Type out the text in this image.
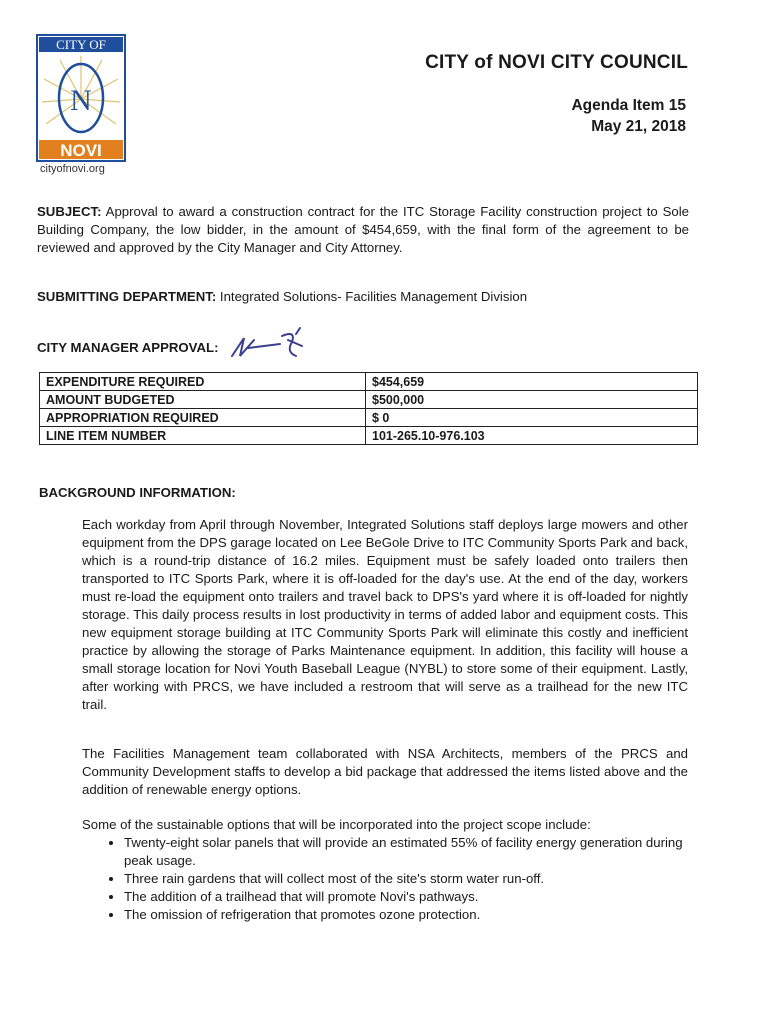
CITY OF
N
NOVI
cityofnovi.org
CITY of NOVI CITY COUNCIL
Agenda Item 15
May 21, 2018
SUBJECT: Approval to award a construction contract for the ITC Storage Facility construction project to Sole Building Company, the low bidder, in the amount of $454,659, with the final form of the agreement to be reviewed and approved by the City Manager and City Attorney.
SUBMITTING DEPARTMENT: Integrated Solutions- Facilities Management Division
CITY MANAGER APPROVAL:
EXPENDITURE REQUIRED	$454,659
AMOUNT BUDGETED	$500,000
APPROPRIATION REQUIRED	$ 0
LINE ITEM NUMBER	101-265.10-976.103
BACKGROUND INFORMATION:

Each workday from April through November, Integrated Solutions staff deploys large mowers and other equipment from the DPS garage located on Lee BeGole Drive to ITC Community Sports Park and back, which is a round-trip distance of 16.2 miles. Equipment must be safely loaded onto trailers then transported to ITC Sports Park, where it is off-loaded for the day's use. At the end of the day, workers must re-load the equipment onto trailers and travel back to DPS's yard where it is off-loaded for nightly storage. This daily process results in lost productivity in terms of added labor and equipment costs. This new equipment storage building at ITC Community Sports Park will eliminate this costly and inefficient practice by allowing the storage of Parks Maintenance equipment. In addition, this facility will house a small storage location for Novi Youth Baseball League (NYBL) to store some of their equipment. Lastly, after working with PRCS, we have included a restroom that will serve as a trailhead for the new ITC trail.

The Facilities Management team collaborated with NSA Architects, members of the PRCS and Community Development staffs to develop a bid package that addressed the items listed above and the addition of renewable energy options.

Some of the sustainable options that will be incorporated into the project scope include:

• Twenty-eight solar panels that will provide an estimated 55% of facility energy generation during peak usage.
• Three rain gardens that will collect most of the site's storm water run-off.
• The addition of a trailhead that will promote Novi's pathways.
• The omission of refrigeration that promotes ozone protection.
